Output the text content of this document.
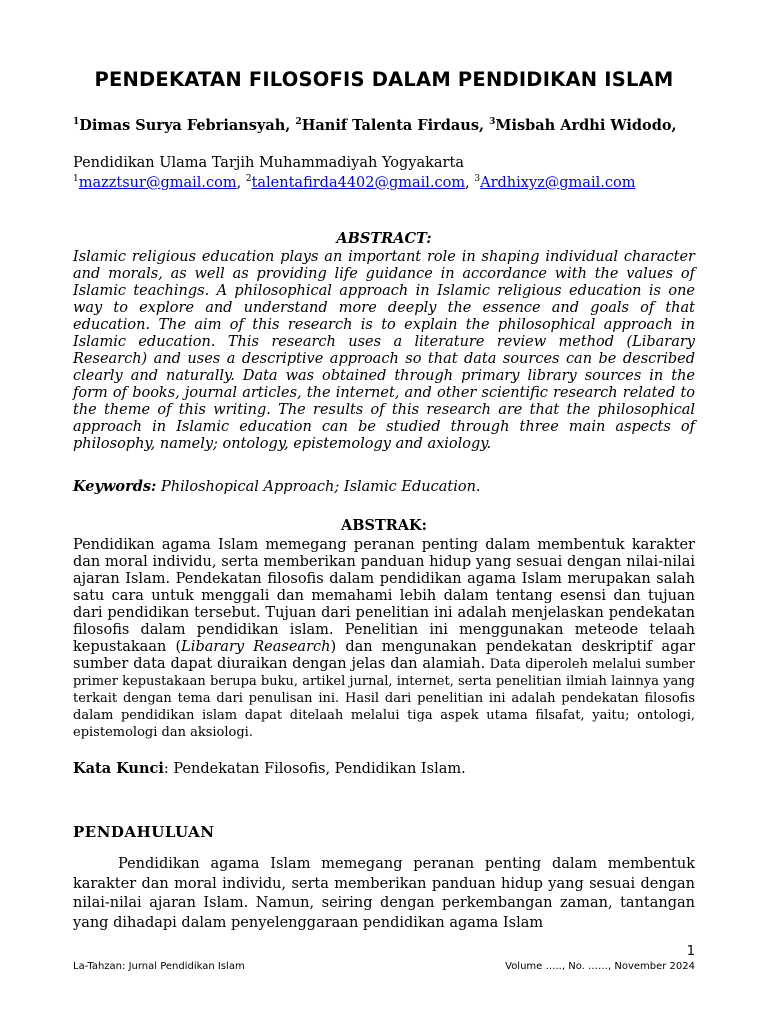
PENDEKATAN FILOSOFIS DALAM PENDIDIKAN ISLAM
$^1$Dimas Surya Febriansyah, $^2$Hanif Talenta Firdaus, $^3$Misbah Ardhi Widodo,
Pendidikan Ulama Tarjih Muhammadiyah Yogyakarta
$^1$mazztsur@gmail.com, $^2$talentafirda4402@gmail.com, $^3$Ardhixyz@gmail.com
ABSTRACT:

Islamic religious education plays an important role in shaping individual character and morals, as well as providing life guidance in accordance with the values of Islamic teachings. A philosophical approach in Islamic religious education is one way to explore and understand more deeply the essence and goals of that education. The aim of this research is to explain the philosophical approach in Islamic education. This research uses a literature review method (Libarary Research) and uses a descriptive approach so that data sources can be described clearly and naturally. Data was obtained through primary library sources in the form of books, journal articles, the internet, and other scientific research related to the theme of this writing. The results of this research are that the philosophical approach in Islamic education can be studied through three main aspects of philosophy, namely; ontology, epistemology and axiology.

Keywords: Philoshopical Approach; Islamic Education.
ABSTRAK:

Pendidikan agama Islam memegang peranan penting dalam membentuk karakter dan moral individu, serta memberikan panduan hidup yang sesuai dengan nilai-nilai ajaran Islam. Pendekatan filosofis dalam pendidikan agama Islam merupakan salah satu cara untuk menggali dan memahami lebih dalam tentang esensi dan tujuan dari pendidikan tersebut. Tujuan dari penelitian ini adalah menjelaskan pendekatan filosofis dalam pendidikan islam. Penelitian ini menggunakan meteode telaah kepustakaan (Libarary Reasearch) dan mengunakan pendekatan deskriptif agar sumber data dapat diuraikan dengan jelas dan alamiah. Data diperoleh melalui sumber primer kepustakaan berupa buku, artikel jurnal, internet, serta penelitian ilmiah lainnya yang terkait dengan tema dari penulisan ini. Hasil dari penelitian ini adalah pendekatan filosofis dalam pendidikan islam dapat ditelaah melalui tiga aspek utama filsafat, yaitu; ontologi, epistemologi dan aksiologi.

Kata Kunci: Pendekatan Filosofis, Pendidikan Islam.
PENDAHULUAN

Pendidikan agama Islam memegang peranan penting dalam membentuk karakter dan moral individu, serta memberikan panduan hidup yang sesuai dengan nilai-nilai ajaran Islam. Namun, seiring dengan perkembangan zaman, tantangan yang dihadapi dalam penyelenggaraan pendidikan agama Islam

1
La-Tahzan: Jurnal Pendidikan Islam	Volume ….., No. ……, November 2024
